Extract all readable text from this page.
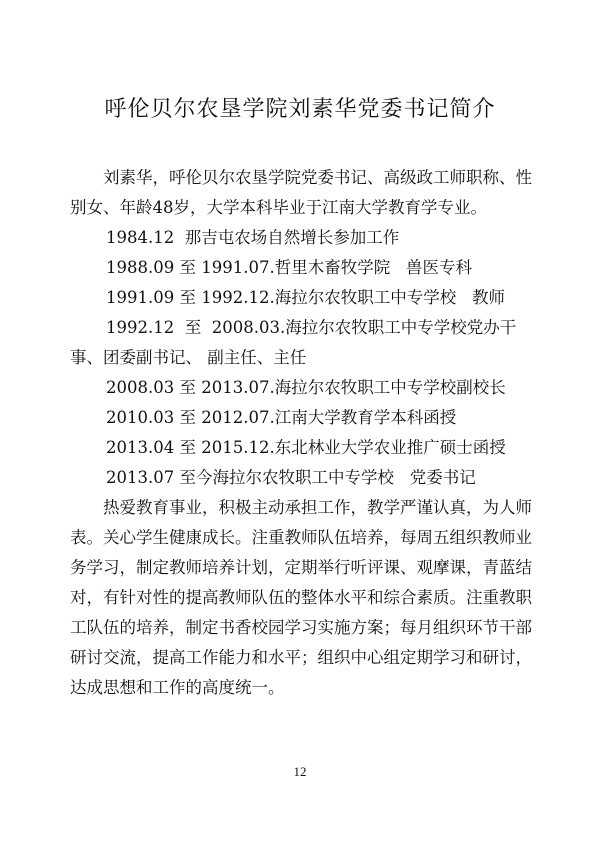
呼伦贝尔农垦学院刘素华党委书记简介

刘素华，呼伦贝尔农垦学院党委书记、高级政工师职称、性别女、年龄48岁，大学本科毕业于江南大学教育学专业。

1984.12 那吉屯农场自然增长参加工作

1988.09 至 1991.07.哲里木畜牧学院   兽医专科

1991.09 至 1992.12.海拉尔农牧职工中专学校   教师

1992.12  至  2008.03.海拉尔农牧职工中专学校党办干事、团委副书记、 副主任、主任

2008.03 至 2013.07.海拉尔农牧职工中专学校副校长

2010.03 至 2012.07.江南大学教育学本科函授

2013.04 至 2015.12.东北林业大学农业推广硕士函授

2013.07 至今海拉尔农牧职工中专学校   党委书记

热爱教育事业，积极主动承担工作，教学严谨认真，为人师表。关心学生健康成长。注重教师队伍培养，每周五组织教师业务学习，制定教师培养计划，定期举行听评课、观摩课，青蓝结对，有针对性的提高教师队伍的整体水平和综合素质。注重教职工队伍的培养，制定书香校园学习实施方案；每月组织环节干部研讨交流，提高工作能力和水平；组织中心组定期学习和研讨，达成思想和工作的高度统一。

12
